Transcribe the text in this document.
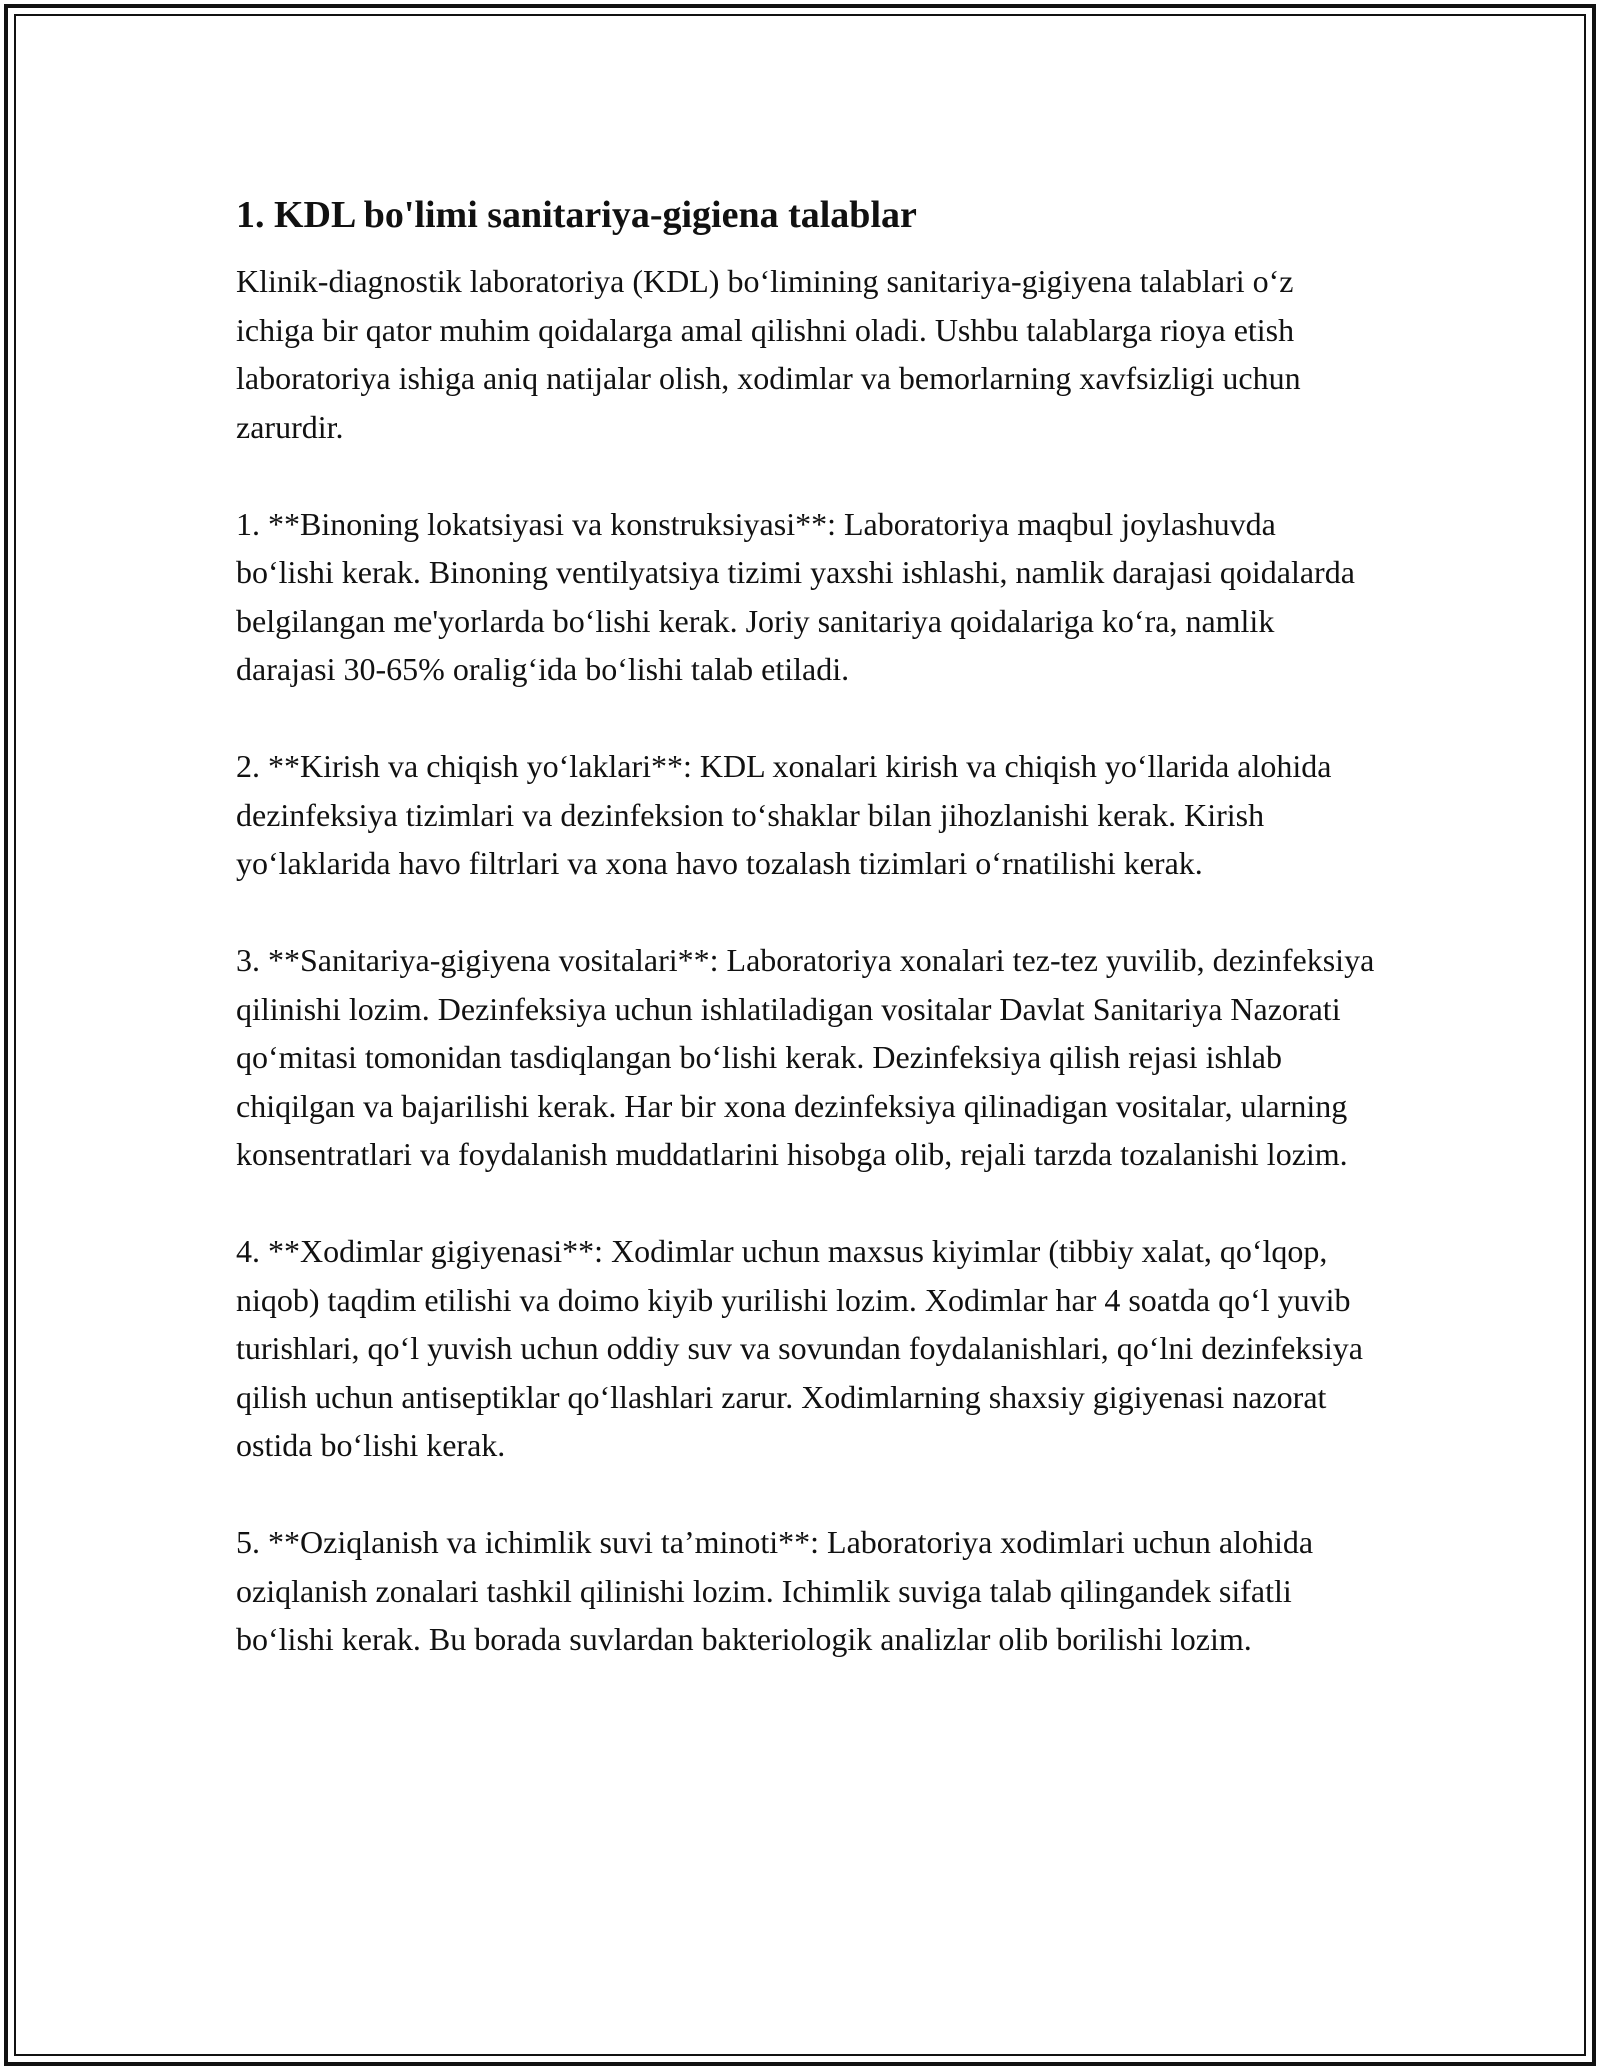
1. KDL bo'limi sanitariya-gigiena talablar

Klinik-diagnostik laboratoriya (KDL) bo‘limining sanitariya-gigiyena talablari o‘z ichiga bir qator muhim qoidalarga amal qilishni oladi. Ushbu talablarga rioya etish laboratoriya ishiga aniq natijalar olish, xodimlar va bemorlarning xavfsizligi uchun zarurdir.

1. **Binoning lokatsiyasi va konstruksiyasi**: Laboratoriya maqbul joylashuvda bo‘lishi kerak. Binoning ventilyatsiya tizimi yaxshi ishlashi, namlik darajasi qoidalarda belgilangan me'yorlarda bo‘lishi kerak. Joriy sanitariya qoidalariga ko‘ra, namlik darajasi 30-65% oralig‘ida bo‘lishi talab etiladi.

2. **Kirish va chiqish yo‘laklari**: KDL xonalari kirish va chiqish yo‘llarida alohida dezinfeksiya tizimlari va dezinfeksion to‘shaklar bilan jihozlanishi kerak. Kirish yo‘laklarida havo filtrlari va xona havo tozalash tizimlari o‘rnatilishi kerak.

3. **Sanitariya-gigiyena vositalari**: Laboratoriya xonalari tez-tez yuvilib, dezinfeksiya qilinishi lozim. Dezinfeksiya uchun ishlatiladigan vositalar Davlat Sanitariya Nazorati qo‘mitasi tomonidan tasdiqlangan bo‘lishi kerak. Dezinfeksiya qilish rejasi ishlab chiqilgan va bajarilishi kerak. Har bir xona dezinfeksiya qilinadigan vositalar, ularning konsentratlari va foydalanish muddatlarini hisobga olib, rejali tarzda tozalanishi lozim.

4. **Xodimlar gigiyenasi**: Xodimlar uchun maxsus kiyimlar (tibbiy xalat, qo‘lqop, niqob) taqdim etilishi va doimo kiyib yurilishi lozim. Xodimlar har 4 soatda qo‘l yuvib turishlari, qo‘l yuvish uchun oddiy suv va sovundan foydalanishlari, qo‘lni dezinfeksiya qilish uchun antiseptiklar qo‘llashlari zarur. Xodimlarning shaxsiy gigiyenasi nazorat ostida bo‘lishi kerak.

5. **Oziqlanish va ichimlik suvi ta’minoti**: Laboratoriya xodimlari uchun alohida oziqlanish zonalari tashkil qilinishi lozim. Ichimlik suviga talab qilingandek sifatli bo‘lishi kerak. Bu borada suvlardan bakteriologik analizlar olib borilishi lozim.
